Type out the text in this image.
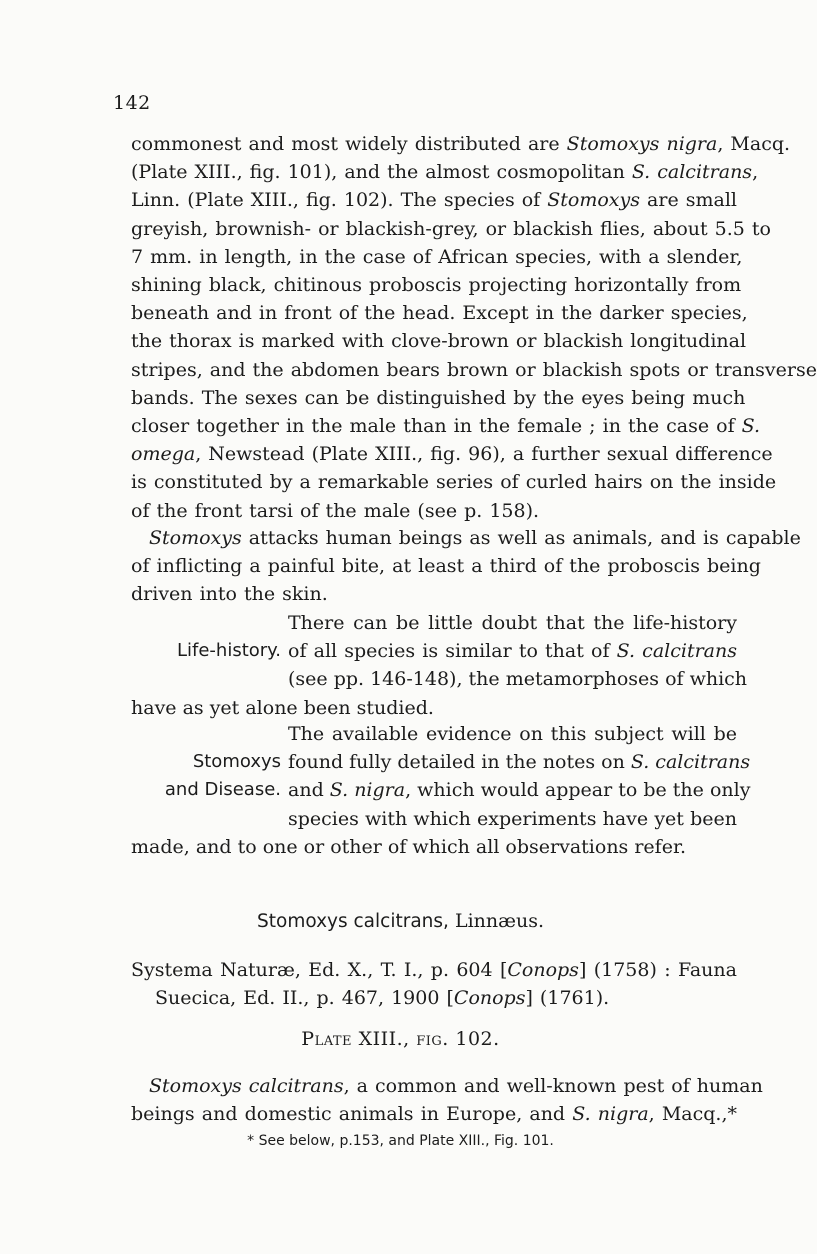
142
commonest and most widely distributed are Stomoxys nigra, Macq.
(Plate XIII., fig. 101), and the almost cosmopolitan S. calcitrans,
Linn. (Plate XIII., fig. 102). The species of Stomoxys are small
greyish, brownish- or blackish-grey, or blackish flies, about 5.5 to
7 mm. in length, in the case of African species, with a slender,
shining black, chitinous proboscis projecting horizontally from
beneath and in front of the head. Except in the darker species,
the thorax is marked with clove-brown or blackish longitudinal
stripes, and the abdomen bears brown or blackish spots or transverse
bands. The sexes can be distinguished by the eyes being much
closer together in the male than in the female ; in the case of S.
omega, Newstead (Plate XIII., fig. 96), a further sexual difference
is constituted by a remarkable series of curled hairs on the inside
of the front tarsi of the male (see p. 158).
Stomoxys attacks human beings as well as animals, and is capable
of inflicting a painful bite, at least a third of the proboscis being
driven into the skin.
Life-history.
There can be little doubt that the life-history
of all species is similar to that of S. calcitrans
(see pp. 146-148), the metamorphoses of which
have as yet alone been studied.
Stomoxys
and Disease.
The available evidence on this subject will be
found fully detailed in the notes on S. calcitrans
and S. nigra, which would appear to be the only
species with which experiments have yet been
made, and to one or other of which all observations refer.
Stomoxys calcitrans, Linnæus.
Systema Naturæ, Ed. X., T. I., p. 604 [Conops] (1758) : Fauna
Suecica, Ed. II., p. 467, 1900 [Conops] (1761).
Plate XIII., fig. 102.
Stomoxys calcitrans, a common and well-known pest of human
beings and domestic animals in Europe, and S. nigra, Macq.,*
* See below, p.153, and Plate XIII., Fig. 101.
